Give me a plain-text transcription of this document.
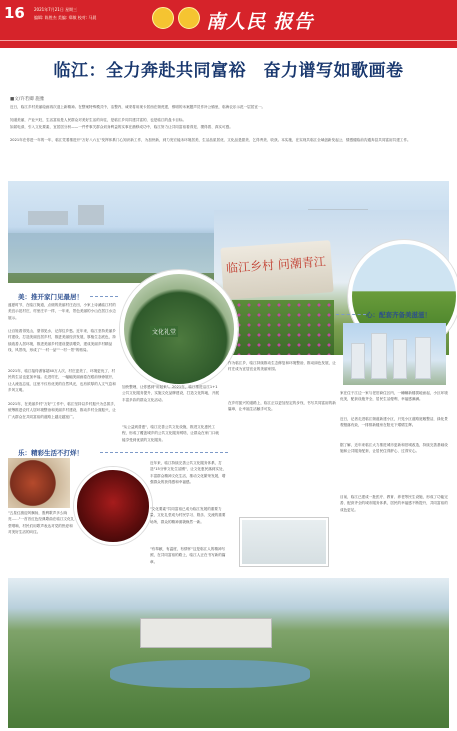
16 2021年7月21日 星期三
编辑: 陈胜杰 美编: 郑敏 校对: 马晨	南人民 报告
临江：全力奔赴共同富裕　奋力谱写如歌画卷
■文/许若卿 施雅
近日，临江乡村美丽绘画再次迎上新精神。在整案特殊模式中，洁整内，诚采将用现卡居西在街虎建，维明的米案题声员作补公镇里，临海农乐示范一层居宜一。
知道美丽，产业兴旺，生活富裕是人民群众对美好生活的向往，是临江乡同共建共富的，也是临江的盘卡目标。
如届电请，引入文化要素，宜居居分析——一件件事关群众切身利益的实事在潜移成功中，临江努力让共同富裕看得见、摸得着、真实可感。
2021年在你进一年的一年，临江凭着推进开"万好八六五"发挥体系门心知识新工作，为加快新，到力发宏能未环境居美、生活品质居优、文化品是甜美、乞得秀美、收获。本实施，在实现共临江全域创新发起公，情感健临前沟通奔县共同富裕共建工作。
临江乡村 问潮青江
文化礼堂
美：推开家门见最居！
盛夏时节，在临江街道，点缀的美丽村庄农田，小家上诗溪临江村的美宜示范村庄，村里庄平一样，一年来，景色美丽的小山在居江水边展示。
让百姓看得见山，望得见水，记得住乡愁。近年来，临江坚持美丽乡村建设，打造美丽宜居乡村，推进美丽经济发展，厚植生态底色，持续改善人居环境，推进美丽乡村建设提质增效，建成美丽乡村精品线、风景线，形成了"一村一品""一村一景"的格局。
2021年，临江接待游客超40万人次，村庄更美了，环境更优了，村民的生活也更加幸福。走进村庄，一幅幅美丽画卷在眼前徐徐展开，让人流连忘返，这里不仅有优美的自然风光，也有浓厚的人文气息和乡风文明。
2021年，在美丽乡村"万好"工作中，临江坚持以乡村振兴为总抓手，统筹推进农村人居环境整治和美丽乡村建设，推动乡村全面振兴，让广大群众在共同富裕的道路上越走越宽广。
加快整理，让你感到"用起来"。2021年，临江推进沿江1+1公共文化服务提升，实施文化品牌建设，打造文化阵地，开展丰富多彩的群众文化活动。
"从公益到普惠"，临江完善公共文化设施，推进文化惠民工程，形成了覆盖城乡的公共文化服务网络，让群众在家门口就能享受到优质的文化服务。
作为临江乡，临江持续推动生态修复和环境整治，推动绿色发展，让村庄成为宜居宜业的美丽家园。
在乡村振兴的道路上，临江正以更加坚定的步伐，书写共同富裕的新篇章，让幸福生活触手可及。
心：配套齐备美滋滋！
家在住于江边一家与老旧商住区内，一幢幢新楼拔地而起，小区环境优美，配套设施齐全，居民生活便利，幸福感满满。
近日，记者走进临江街道新建小区，只见小区道路宽敞整洁，绿化景观错落有致，一排排新楼房在阳光下熠熠生辉。
据了解，近年来临江大力推进城市更新和旧城改造，持续完善基础设施和公共服务配套，让居民住得舒心、过得安心。
目前，临江已建成一批医疗、教育、养老等民生设施，形成了功能完善、配套齐全的城市服务体系，居民的幸福感不断提升，共同富裕的成色更足。
乐：精彩生活不打烊！
"五星红旗迎风飘扬，胜利歌声多么响亮……"一首首红色经典歌曲在临江文化礼堂唱响，村民们用歌声表达对党的热爱和对美好生活的向往。
近年来，临江持续完善公共文化服务体系，打造"15分钟文化生活圈"，让文化惠民落到实处，丰富群众精神文化生活，推动文化繁荣发展，增强群众的获得感和幸福感。
"文化要素"共同富裕已成为临江发展的重要力量，文化礼堂成为村民学习、娱乐、交流的重要场所，群众的精神面貌焕然一新。
"有奉献，有温度，有情怀"这是临江人的精神写照，在共同富裕的路上，临江人正在书写新的篇章。
